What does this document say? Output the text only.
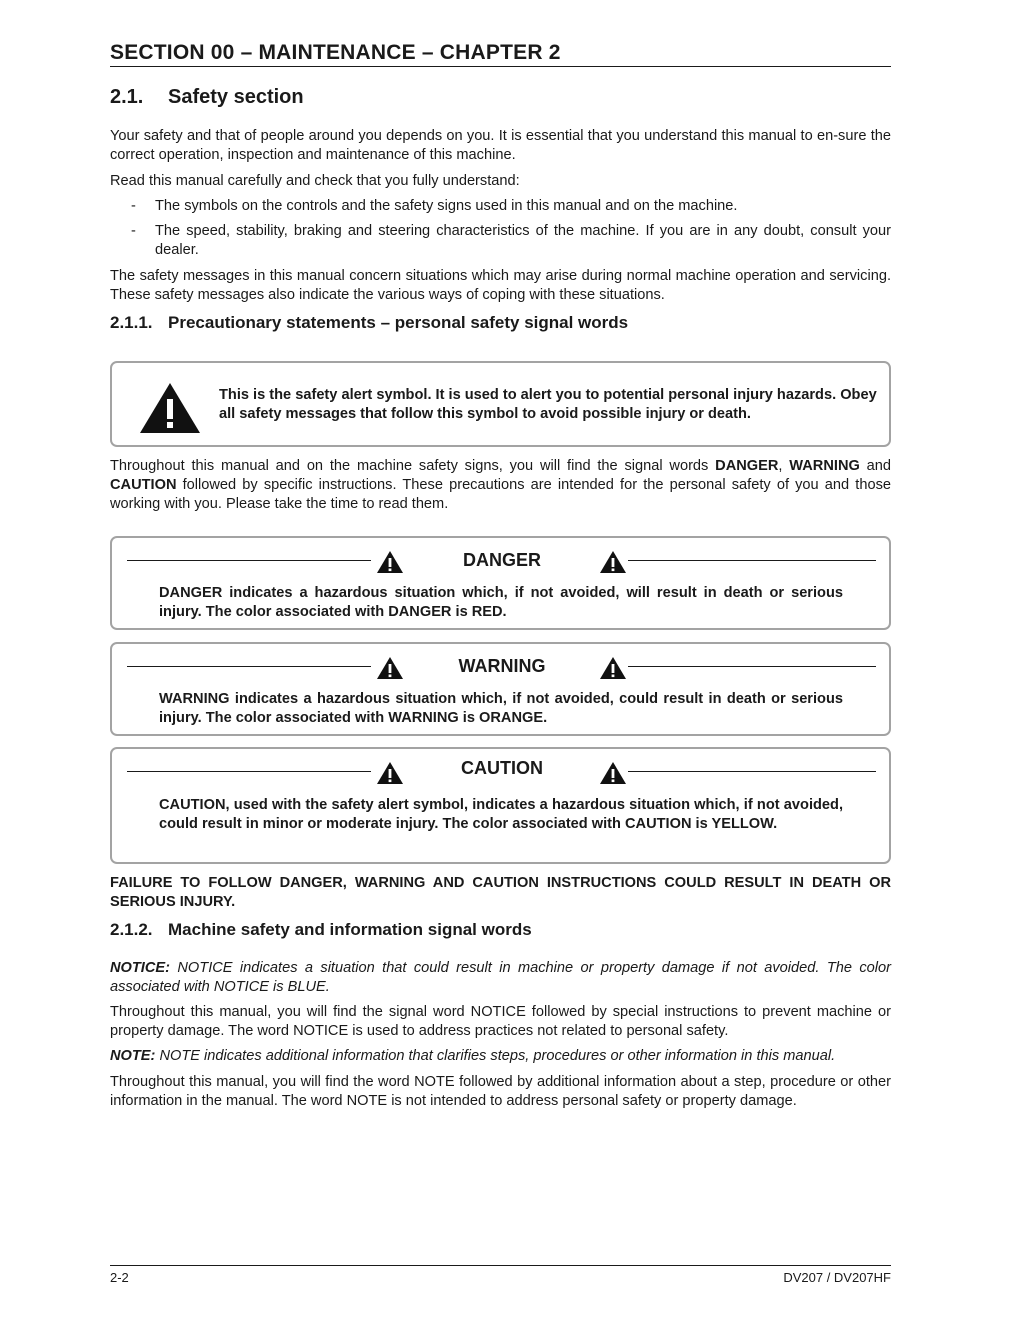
SECTION 00 – MAINTENANCE – CHAPTER 2
2.1. Safety section
Your safety and that of people around you depends on you. It is essential that you understand this manual to en-sure the correct operation, inspection and maintenance of this machine.
Read this manual carefully and check that you fully understand:
- The symbols on the controls and the safety signs used in this manual and on the machine.
- The speed, stability, braking and steering characteristics of the machine. If you are in any doubt, consult your dealer.
The safety messages in this manual concern situations which may arise during normal machine operation and servicing. These safety messages also indicate the various ways of coping with these situations.
2.1.1. Precautionary statements – personal safety signal words
This is the safety alert symbol. It is used to alert you to potential personal injury hazards. Obey all safety messages that follow this symbol to avoid possible injury or death.
Throughout this manual and on the machine safety signs, you will find the signal words DANGER, WARNING and CAUTION followed by specific instructions. These precautions are intended for the personal safety of you and those working with you. Please take the time to read them.
DANGER
DANGER indicates a hazardous situation which, if not avoided, will result in death or serious injury. The color associated with DANGER is RED.
WARNING
WARNING indicates a hazardous situation which, if not avoided, could result in death or serious injury. The color associated with WARNING is ORANGE.
CAUTION
CAUTION, used with the safety alert symbol, indicates a hazardous situation which, if not avoided, could result in minor or moderate injury. The color associated with CAUTION is YELLOW.
FAILURE TO FOLLOW DANGER, WARNING AND CAUTION INSTRUCTIONS COULD RESULT IN DEATH OR SERIOUS INJURY.
2.1.2. Machine safety and information signal words
NOTICE: NOTICE indicates a situation that could result in machine or property damage if not avoided. The color associated with NOTICE is BLUE.
Throughout this manual, you will find the signal word NOTICE followed by special instructions to prevent machine or property damage. The word NOTICE is used to address practices not related to personal safety.
NOTE: NOTE indicates additional information that clarifies steps, procedures or other information in this manual.
Throughout this manual, you will find the word NOTE followed by additional information about a step, procedure or other information in the manual. The word NOTE is not intended to address personal safety or property damage.
2-2	DV207 / DV207HF
